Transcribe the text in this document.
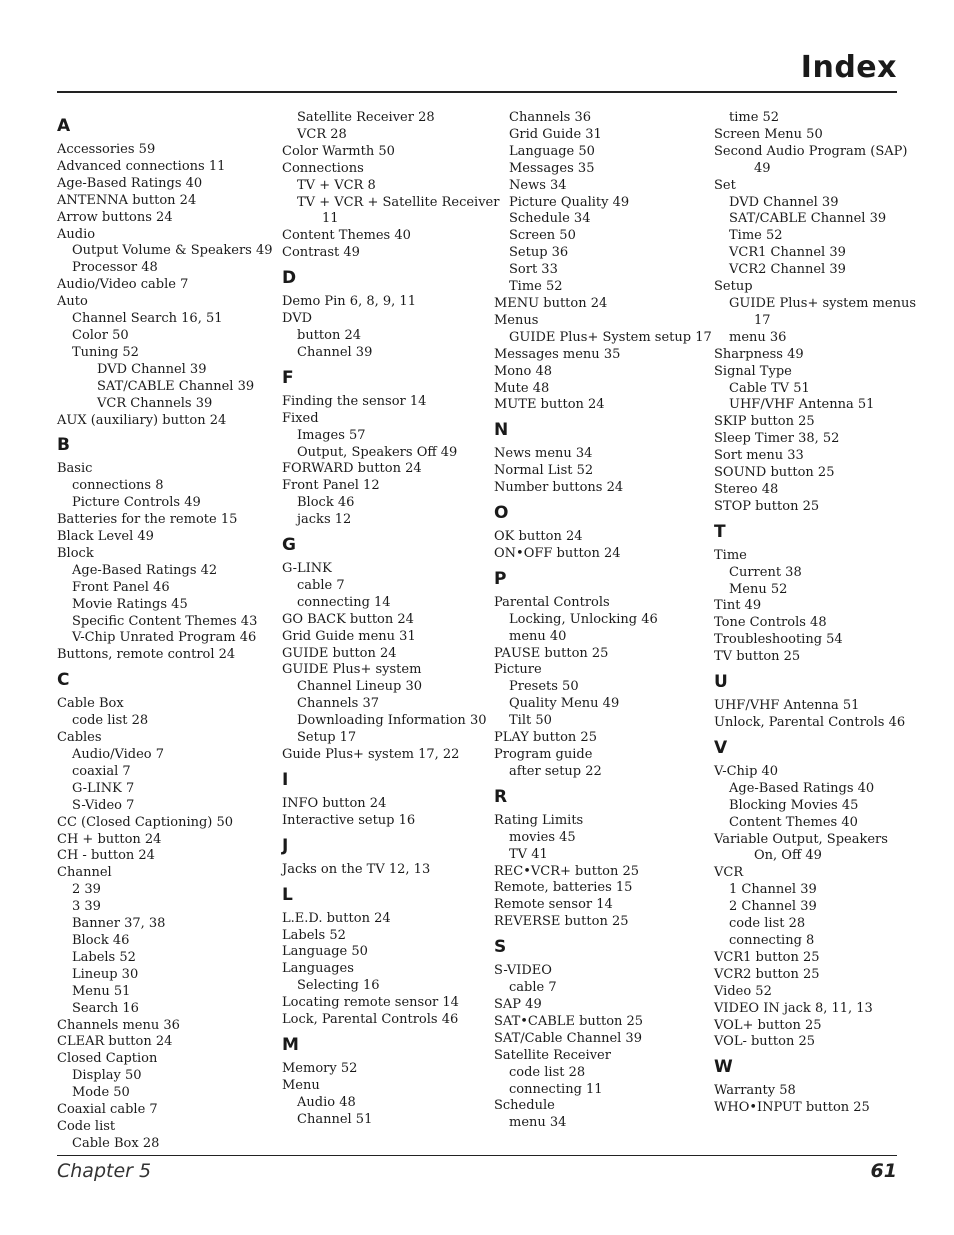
Index
A
Accessories 59
Advanced connections 11
Age-Based Ratings 40
ANTENNA button 24
Arrow buttons 24
Audio
Output Volume & Speakers 49
Processor 48
Audio/Video cable 7
Auto
Channel Search 16, 51
Color 50
Tuning 52
DVD Channel 39
SAT/CABLE Channel 39
VCR Channels 39
AUX (auxiliary) button 24
B
Basic
connections 8
Picture Controls 49
Batteries for the remote 15
Black Level 49
Block
Age-Based Ratings 42
Front Panel 46
Movie Ratings 45
Specific Content Themes 43
V-Chip Unrated Program 46
Buttons, remote control 24
C
Cable Box
code list 28
Cables
Audio/Video 7
coaxial 7
G-LINK 7
S-Video 7
CC (Closed Captioning) 50
CH + button 24
CH - button 24
Channel
2 39
3 39
Banner 37, 38
Block 46
Labels 52
Lineup 30
Menu 51
Search 16
Channels menu 36
CLEAR button 24
Closed Caption
Display 50
Mode 50
Coaxial cable 7
Code list
Cable Box 28
Satellite Receiver 28
VCR 28
Color Warmth 50
Connections
TV + VCR 8
TV + VCR + Satellite Receiver
11
Content Themes 40
Contrast 49
D
Demo Pin 6, 8, 9, 11
DVD
button 24
Channel 39
F
Finding the sensor 14
Fixed
Images 57
Output, Speakers Off 49
FORWARD button 24
Front Panel 12
Block 46
jacks 12
G
G-LINK
cable 7
connecting 14
GO BACK button 24
Grid Guide menu 31
GUIDE button 24
GUIDE Plus+ system
Channel Lineup 30
Channels 37
Downloading Information 30
Setup 17
Guide Plus+ system 17, 22
I
INFO button 24
Interactive setup 16
J
Jacks on the TV 12, 13
L
L.E.D. button 24
Labels 52
Language 50
Languages
Selecting 16
Locating remote sensor 14
Lock, Parental Controls 46
M
Memory 52
Menu
Audio 48
Channel 51
Channels 36
Grid Guide 31
Language 50
Messages 35
News 34
Picture Quality 49
Schedule 34
Screen 50
Setup 36
Sort 33
Time 52
MENU button 24
Menus
GUIDE Plus+ System setup 17
Messages menu 35
Mono 48
Mute 48
MUTE button 24
N
News menu 34
Normal List 52
Number buttons 24
O
OK button 24
ON•OFF button 24
P
Parental Controls
Locking, Unlocking 46
menu 40
PAUSE button 25
Picture
Presets 50
Quality Menu 49
Tilt 50
PLAY button 25
Program guide
after setup 22
R
Rating Limits
movies 45
TV 41
REC•VCR+ button 25
Remote, batteries 15
Remote sensor 14
REVERSE button 25
S
S-VIDEO
cable 7
SAP 49
SAT•CABLE button 25
SAT/Cable Channel 39
Satellite Receiver
code list 28
connecting 11
Schedule
menu 34
time 52
Screen Menu 50
Second Audio Program (SAP)
49
Set
DVD Channel 39
SAT/CABLE Channel 39
Time 52
VCR1 Channel 39
VCR2 Channel 39
Setup
GUIDE Plus+ system menus
17
menu 36
Sharpness 49
Signal Type
Cable TV 51
UHF/VHF Antenna 51
SKIP button 25
Sleep Timer 38, 52
Sort menu 33
SOUND button 25
Stereo 48
STOP button 25
T
Time
Current 38
Menu 52
Tint 49
Tone Controls 48
Troubleshooting 54
TV button 25
U
UHF/VHF Antenna 51
Unlock, Parental Controls 46
V
V-Chip 40
Age-Based Ratings 40
Blocking Movies 45
Content Themes 40
Variable Output, Speakers
On, Off 49
VCR
1 Channel 39
2 Channel 39
code list 28
connecting 8
VCR1 button 25
VCR2 button 25
Video 52
VIDEO IN jack 8, 11, 13
VOL+ button 25
VOL- button 25
W
Warranty 58
WHO•INPUT button 25
Chapter 5	61
